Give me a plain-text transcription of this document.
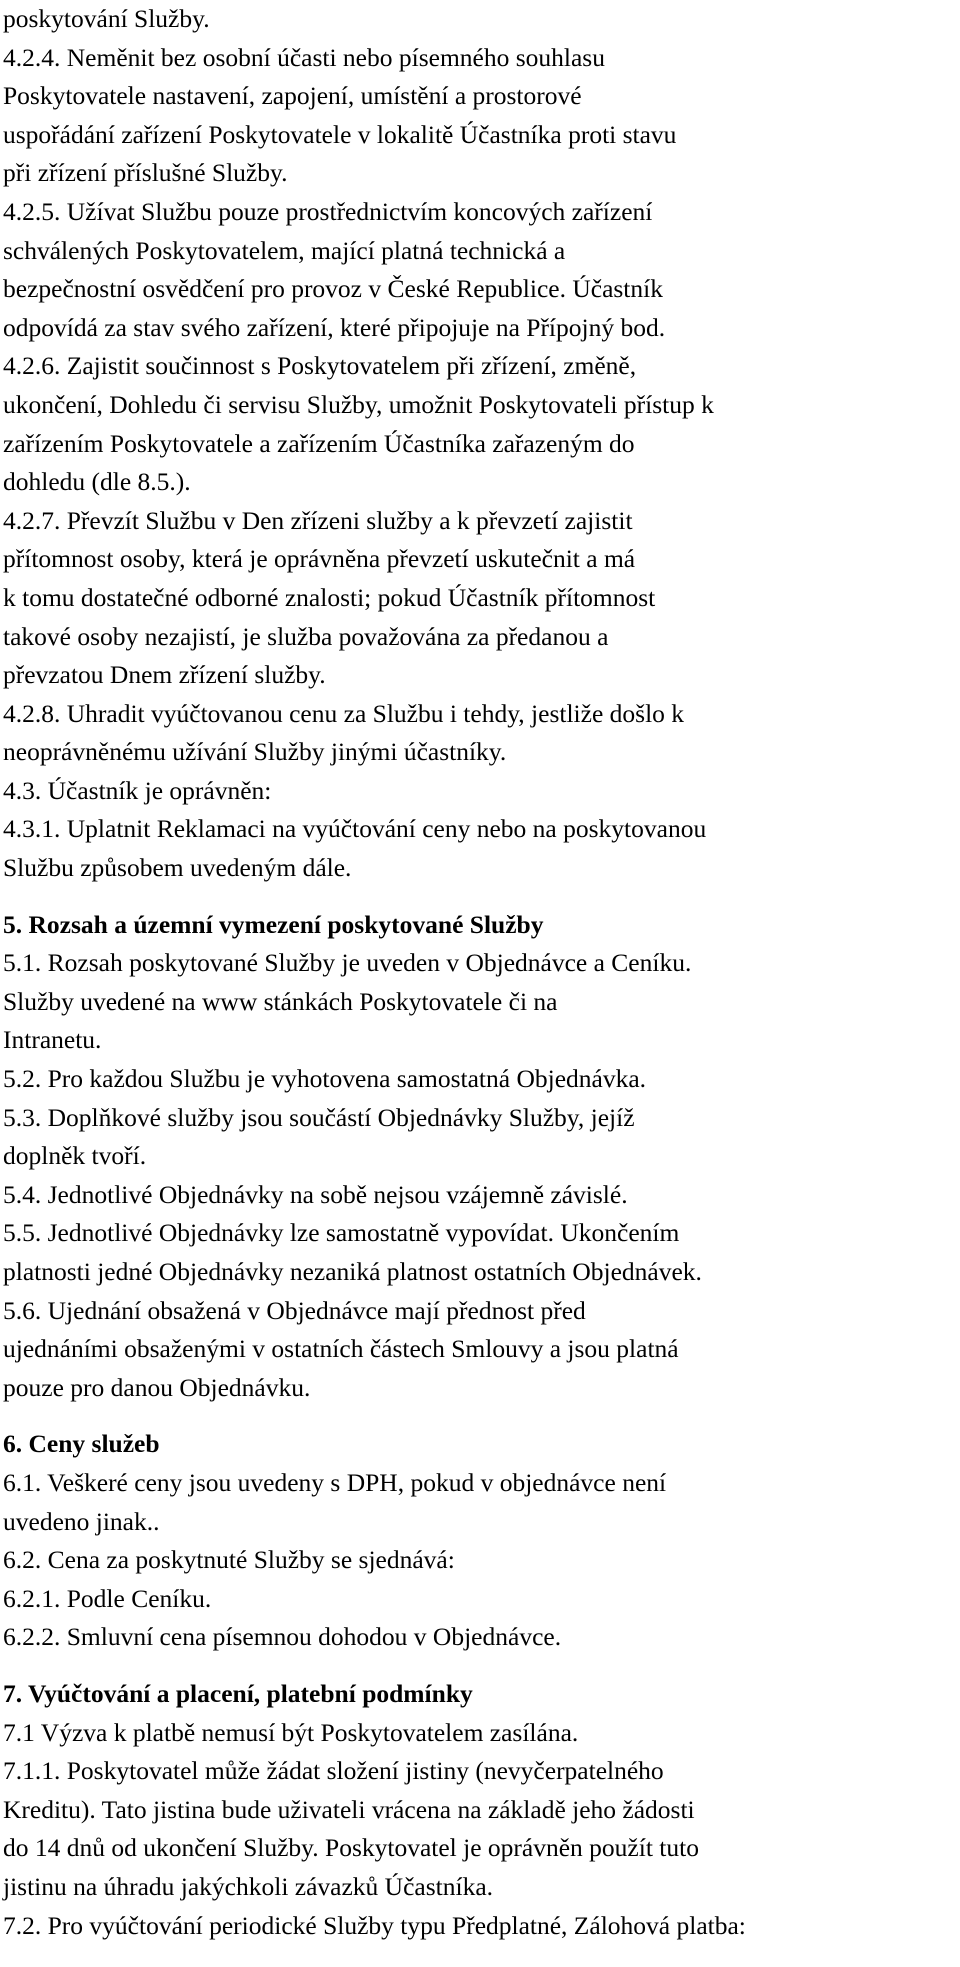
poskytování Služby.
4.2.4. Neměnit bez osobní účasti nebo písemného souhlasu
Poskytovatele nastavení, zapojení, umístění a prostorové
uspořádání zařízení Poskytovatele v lokalitě Účastníka proti stavu
při zřízení příslušné Služby.
4.2.5. Užívat Službu pouze prostřednictvím koncových zařízení
schválených Poskytovatelem, mající platná technická a
bezpečnostní osvědčení pro provoz v České Republice. Účastník
odpovídá za stav svého zařízení, které připojuje na Přípojný bod.
4.2.6. Zajistit součinnost s Poskytovatelem při zřízení, změně,
ukončení, Dohledu či servisu Služby, umožnit Poskytovateli přístup k
zařízením Poskytovatele a zařízením Účastníka zařazeným do
dohledu (dle 8.5.).
4.2.7. Převzít Službu v Den zřízeni služby a k převzetí zajistit
přítomnost osoby, která je oprávněna převzetí uskutečnit a má
k tomu dostatečné odborné znalosti; pokud Účastník přítomnost
takové osoby nezajistí, je služba považována za předanou a
převzatou Dnem zřízení služby.
4.2.8. Uhradit vyúčtovanou cenu za Službu i tehdy, jestliže došlo k
neoprávněnému užívání Služby jinými účastníky.
4.3. Účastník je oprávněn:
4.3.1. Uplatnit Reklamaci na vyúčtování ceny nebo na poskytovanou
Službu způsobem uvedeným dále.
5. Rozsah a územní vymezení poskytované Služby
5.1. Rozsah poskytované Služby je uveden v Objednávce a Ceníku.
Služby uvedené na www stánkách Poskytovatele či na
Intranetu.
5.2. Pro každou Službu je vyhotovena samostatná Objednávka.
5.3. Doplňkové služby jsou součástí Objednávky Služby, jejíž
doplněk tvoří.
5.4. Jednotlivé Objednávky na sobě nejsou vzájemně závislé.
5.5. Jednotlivé Objednávky lze samostatně vypovídat. Ukončením
platnosti jedné Objednávky nezaniká platnost ostatních Objednávek.
5.6. Ujednání obsažená v Objednávce mají přednost před
ujednáními obsaženými v ostatních částech Smlouvy a jsou platná
pouze pro danou Objednávku.
6. Ceny služeb
6.1. Veškeré ceny jsou uvedeny s DPH, pokud v objednávce není
uvedeno jinak..
6.2. Cena za poskytnuté Služby se sjednává:
6.2.1. Podle Ceníku.
6.2.2. Smluvní cena písemnou dohodou v Objednávce.
7. Vyúčtování a placení, platební podmínky
7.1 Výzva k platbě nemusí být Poskytovatelem zasílána.
7.1.1. Poskytovatel může žádat složení jistiny (nevyčerpatelného
Kreditu). Tato jistina bude uživateli vrácena na základě jeho žádosti
do 14 dnů od ukončení Služby. Poskytovatel je oprávněn použít tuto
jistinu na úhradu jakýchkoli závazků Účastníka.
7.2. Pro vyúčtování periodické Služby typu Předplatné, Zálohová platba:
